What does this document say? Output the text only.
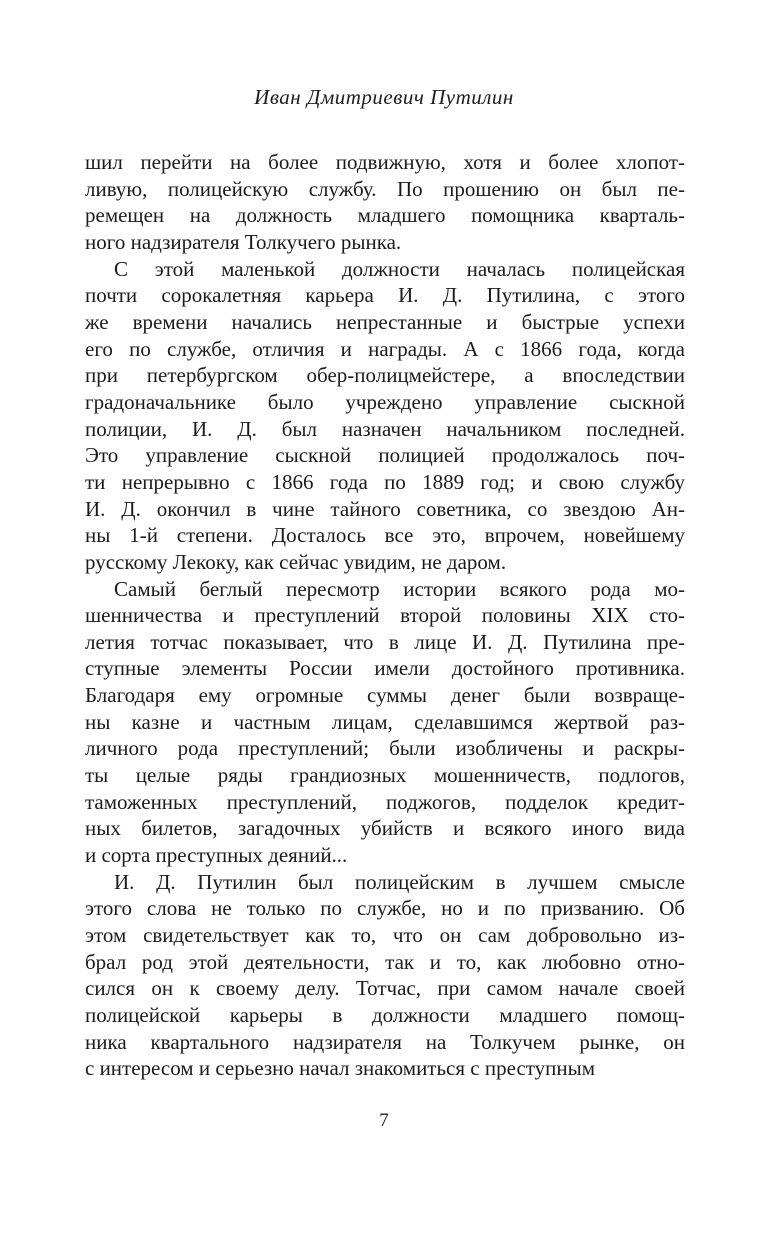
Иван Дмитриевич Путилин
шил перейти на более подвижную, хотя и более хлопот-
ливую, полицейскую службу. По прошению он был пе-
ремещен на должность младшего помощника кварталь-
ного надзирателя Толкучего рынка.
С этой маленькой должности началась полицейская
почти сорокалетняя карьера И. Д. Путилина, с этого
же времени начались непрестанные и быстрые успехи
его по службе, отличия и награды. А с 1866 года, когда
при петербургском обер-полицмейстере, а впоследствии
градоначальнике было учреждено управление сыскной
полиции, И. Д. был назначен начальником последней.
Это управление сыскной полицией продолжалось поч-
ти непрерывно с 1866 года по 1889 год; и свою службу
И. Д. окончил в чине тайного советника, со звездою Ан-
ны 1-й степени. Досталось все это, впрочем, новейшему
русскому Лекоку, как сейчас увидим, не даром.
Самый беглый пересмотр истории всякого рода мо-
шенничества и преступлений второй половины XIX сто-
летия тотчас показывает, что в лице И. Д. Путилина пре-
ступные элементы России имели достойного противника.
Благодаря ему огромные суммы денег были возвраще-
ны казне и частным лицам, сделавшимся жертвой раз-
личного рода преступлений; были изобличены и раскры-
ты целые ряды грандиозных мошенничеств, подлогов,
таможенных преступлений, поджогов, подделок кредит-
ных билетов, загадочных убийств и всякого иного вида
и сорта преступных деяний...
И. Д. Путилин был полицейским в лучшем смысле
этого слова не только по службе, но и по призванию. Об
этом свидетельствует как то, что он сам добровольно из-
брал род этой деятельности, так и то, как любовно отно-
сился он к своему делу. Тотчас, при самом начале своей
полицейской карьеры в должности младшего помощ-
ника квартального надзирателя на Толкучем рынке, он
с интересом и серьезно начал знакомиться с преступным
7
